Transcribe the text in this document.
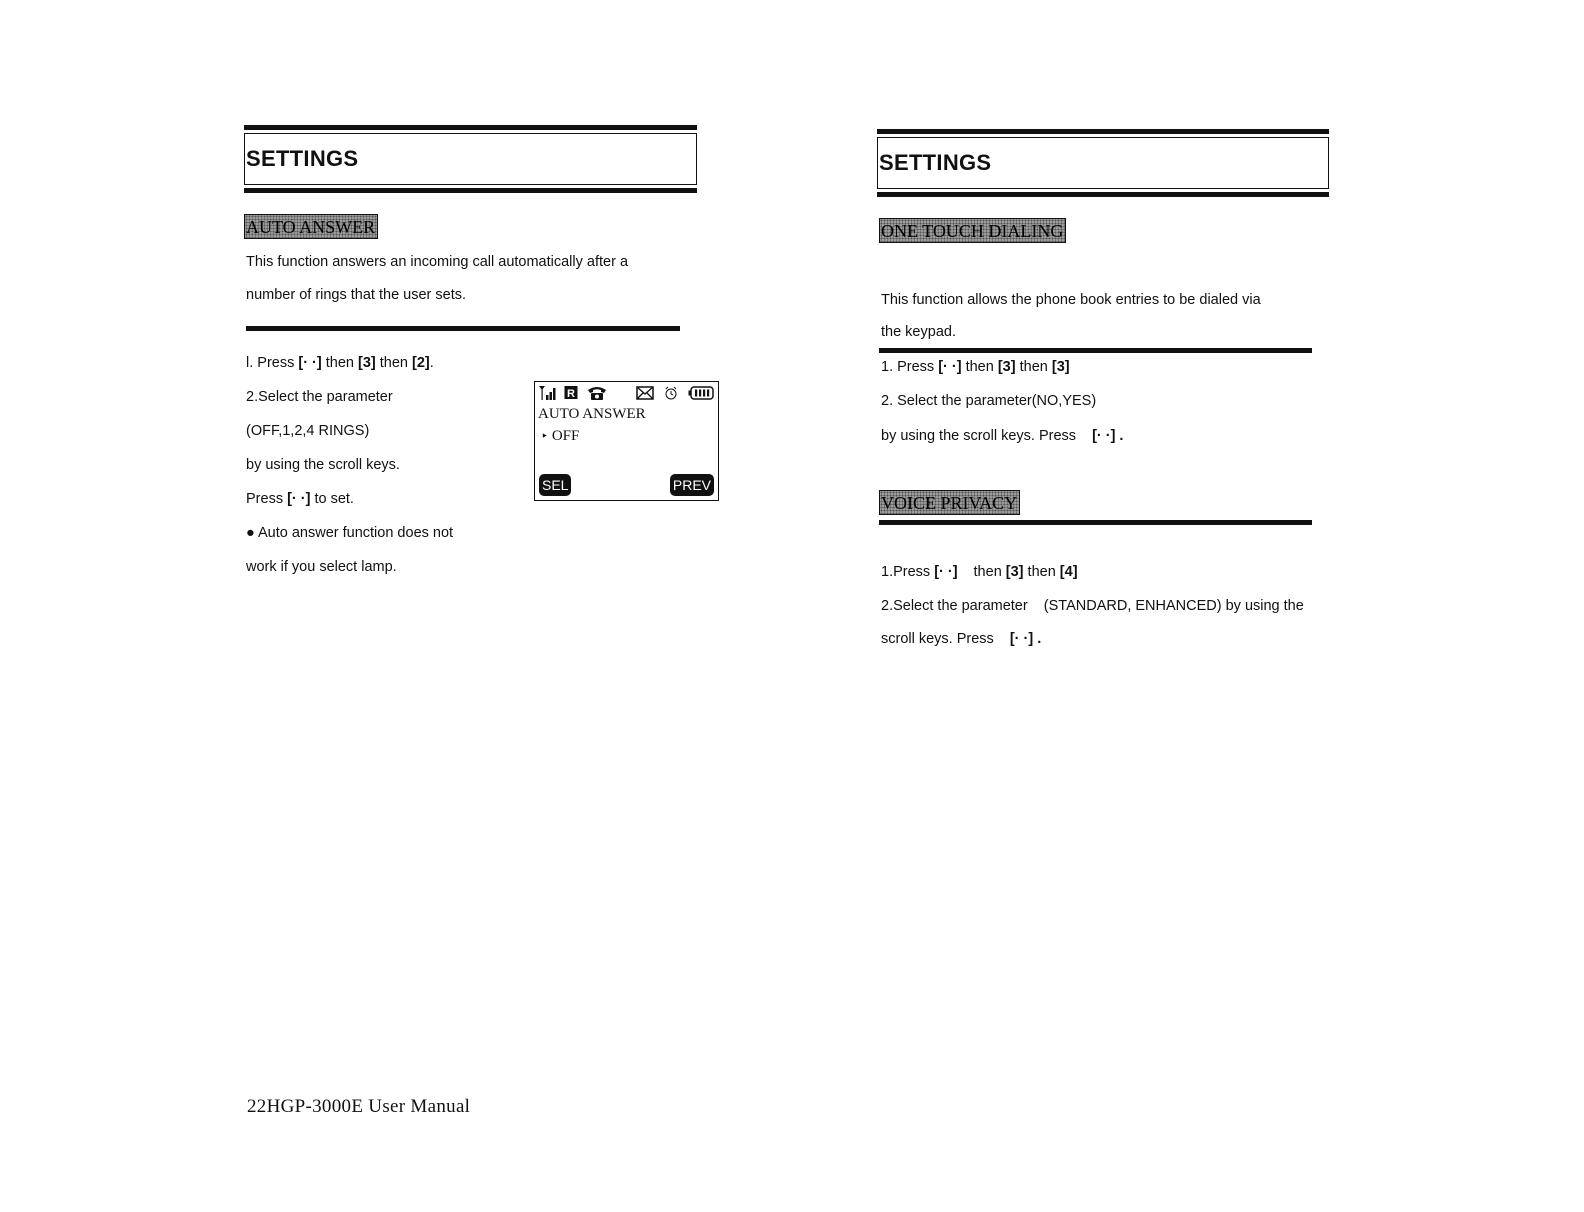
SETTINGS
AUTO ANSWER
This function answers an incoming call automatically after a
number of rings that the user sets.
l. Press [· ·] then [3] then [2].
2.Select the parameter
(OFF,1,2,4 RINGS)
by using the scroll keys.
Press [· ·] to set.
● Auto answer function does not
work if you select lamp.
R
AUTO ANSWER
‣ OFF
SEL	PREV
SETTINGS
ONE TOUCH DIALING
This function allows the phone book entries to be dialed via
the keypad.
1. Press [· ·] then [3] then [3]
2. Select the parameter(NO,YES)
by using the scroll keys. Press [· ·] .
VOICE PRIVACY
1.Press [· ·] then [3] then [4]
2.Select the parameter    (STANDARD, ENHANCED) by using the
scroll keys. Press [· ·] .
22HGP-3000E User Manual
